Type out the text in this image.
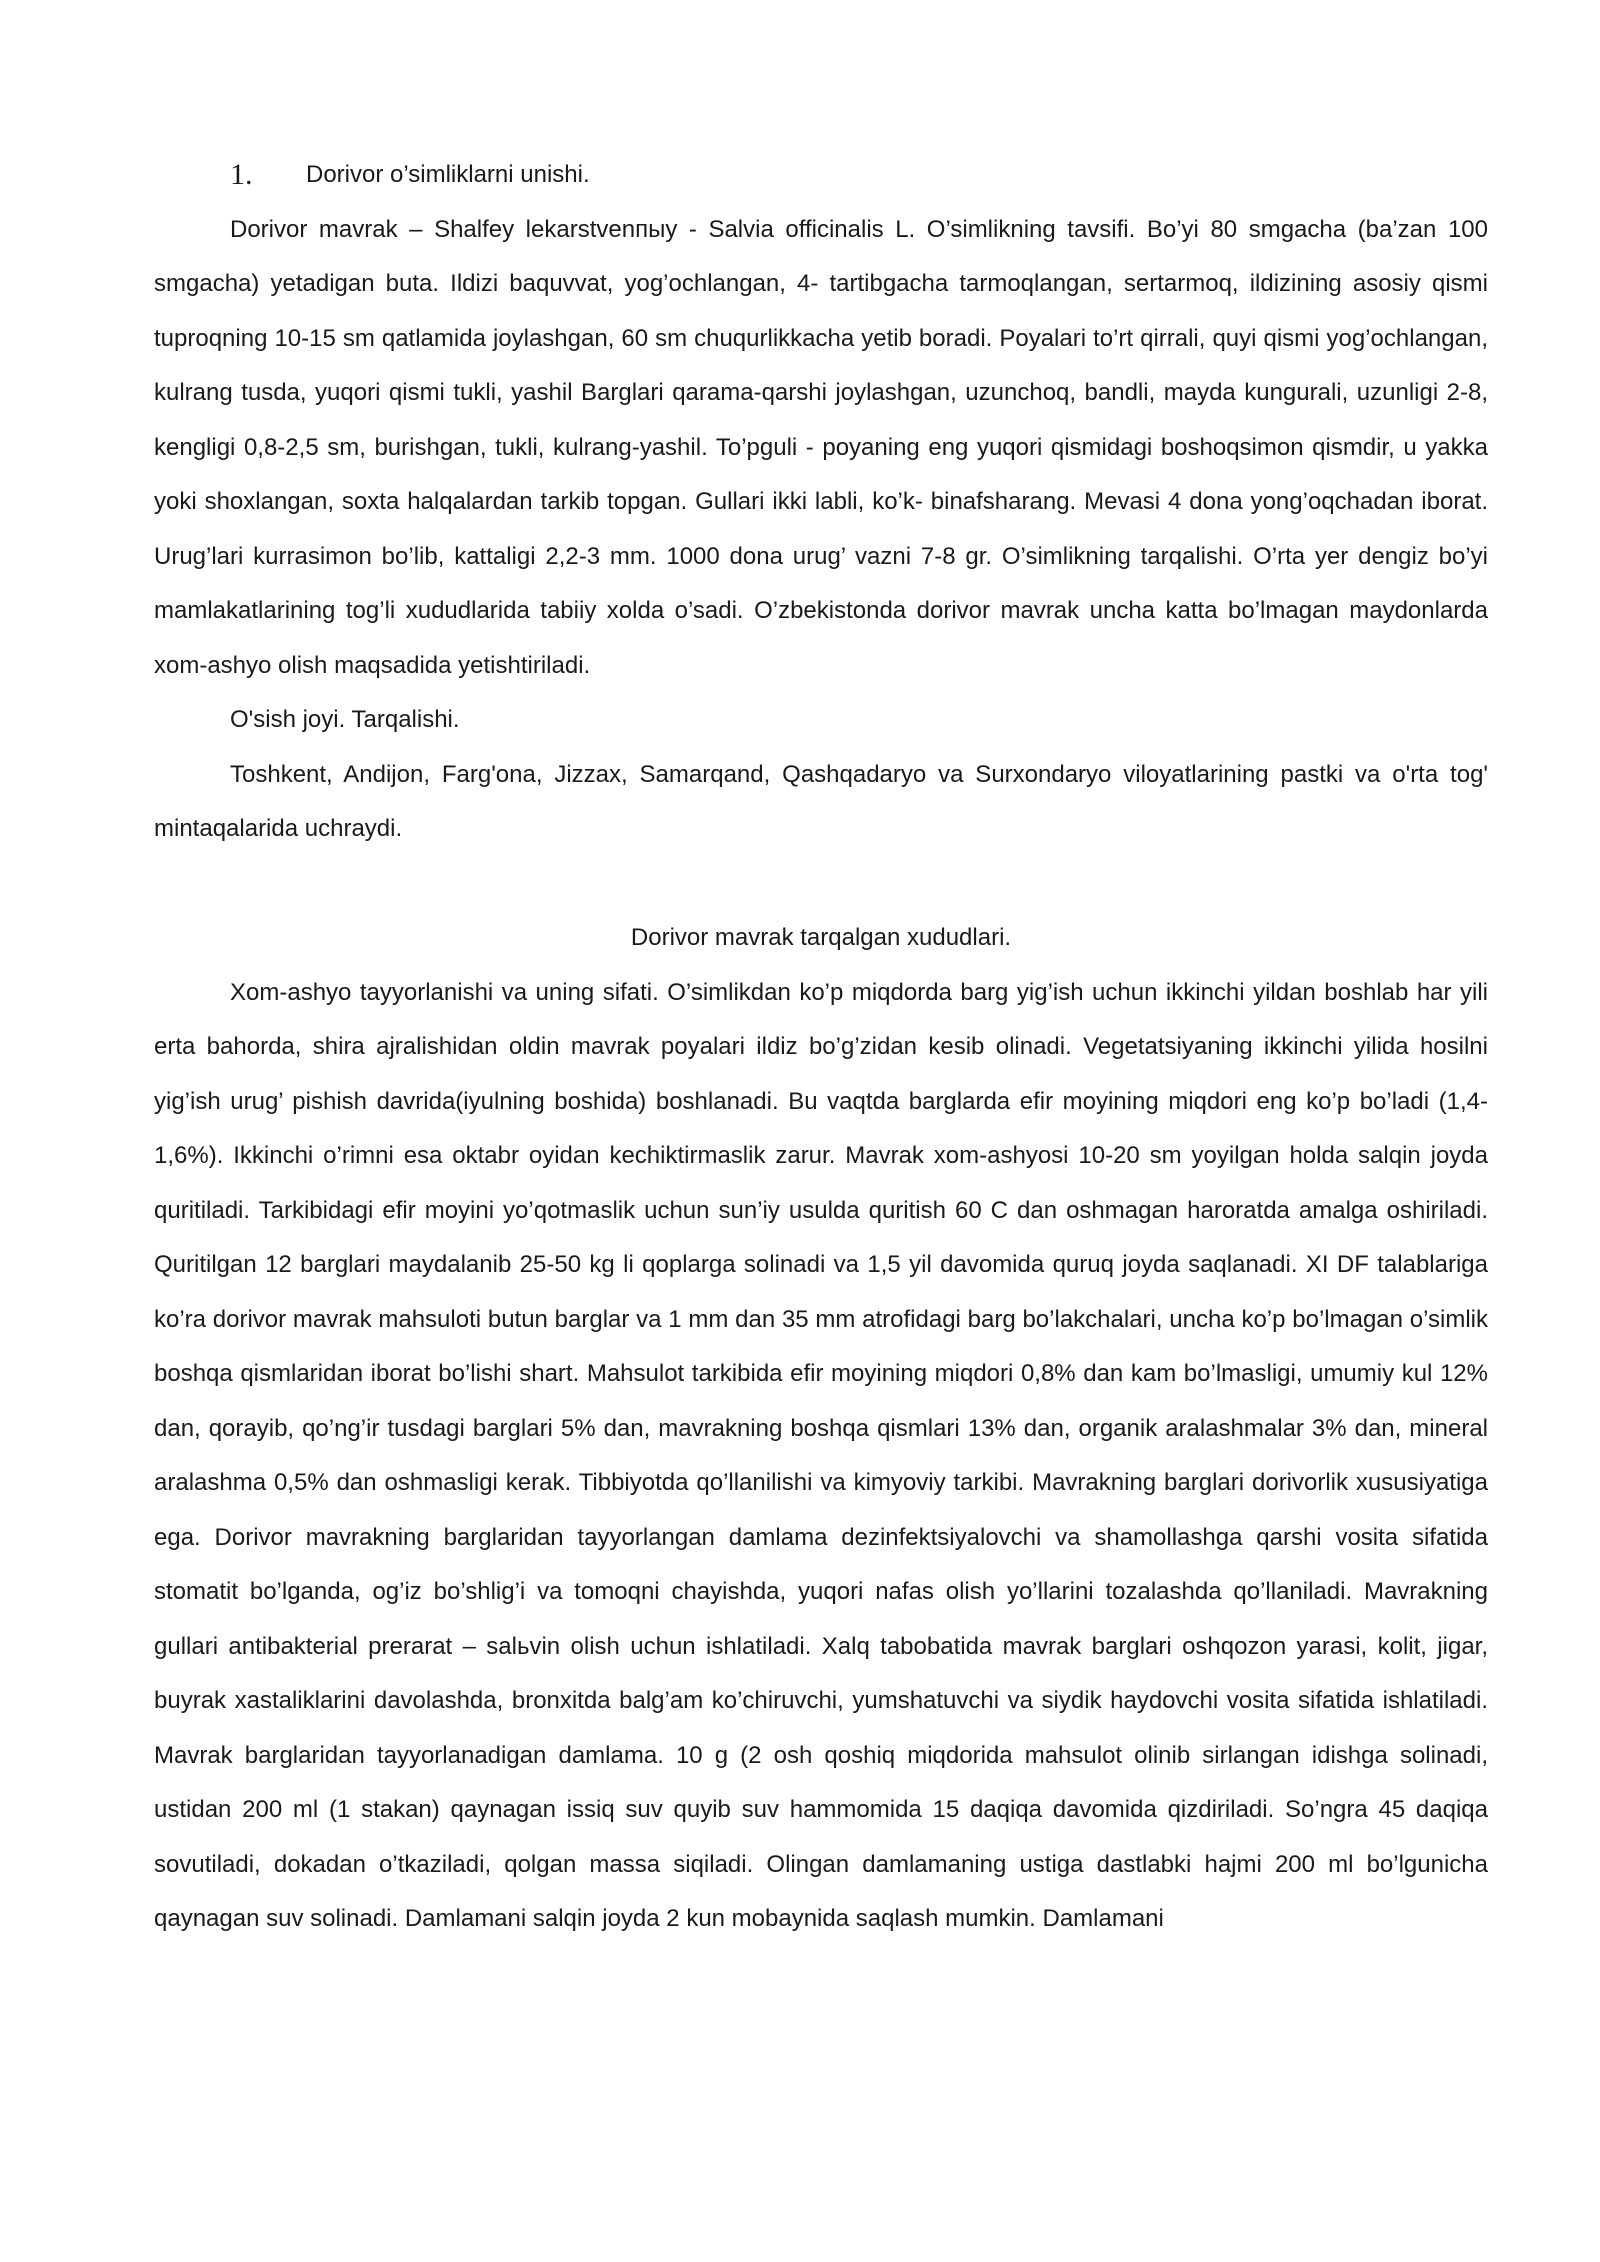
1.	Dorivor o’simliklarni unishi.

Dorivor mavrak – Shalfey lekarstvenпыy - Salvia officinalis L. O’simlikning tavsifi. Bo’yi 80 smgacha (ba’zan 100 smgacha) yetadigan buta. Ildizi baquvvat, yog’ochlangan, 4- tartibgacha tarmoqlangan, sertarmoq, ildizining asosiy qismi tuproqning 10-15 sm qatlamida joylashgan, 60 sm chuqurlikkacha yetib boradi. Poyalari to’rt qirrali, quyi qismi yog’ochlangan, kulrang tusda, yuqori qismi tukli, yashil Barglari qarama-qarshi joylashgan, uzunchoq, bandli, mayda kungurali, uzunligi 2-8, kengligi 0,8-2,5 sm, burishgan, tukli, kulrang-yashil. To’pguli - poyaning eng yuqori qismidagi boshoqsimon qismdir, u yakka yoki shoxlangan, soxta halqalardan tarkib topgan. Gullari ikki labli, ko’k- binafsharang. Mevasi 4 dona yong’oqchadan iborat. Urug’lari kurrasimon bo’lib, kattaligi 2,2-3 mm. 1000 dona urug’ vazni 7-8 gr. O’simlikning tarqalishi. O’rta yer dengiz bo’yi mamlakatlarining tog’li xududlarida tabiiy xolda o’sadi. O’zbekistonda dorivor mavrak uncha katta bo’lmagan maydonlarda xom-ashyo olish maqsadida yetishtiriladi.

O'sish joyi. Tarqalishi.

Toshkent, Andijon, Farg'ona, Jizzax, Samarqand, Qashqadaryo va Surxondaryo viloyatlarining pastki va o'rta tog' mintaqalarida uchraydi.

Dorivor mavrak tarqalgan xududlari.

Xom-ashyo tayyorlanishi va uning sifati. O’simlikdan ko’p miqdorda barg yig’ish uchun ikkinchi yildan boshlab har yili erta bahorda, shira ajralishidan oldin mavrak poyalari ildiz bo’g’zidan kesib olinadi. Vegetatsiyaning ikkinchi yilida hosilni yig’ish urug’ pishish davrida(iyulning boshida) boshlanadi. Bu vaqtda barglarda efir moyining miqdori eng ko’p bo’ladi (1,4-1,6%). Ikkinchi o’rimni esa oktabr oyidan kechiktirmaslik zarur. Mavrak xom-ashyosi 10-20 sm yoyilgan holda salqin joyda quritiladi. Tarkibidagi efir moyini yo’qotmaslik uchun sun’iy usulda quritish 60 C dan oshmagan haroratda amalga oshiriladi. Quritilgan 12 barglari maydalanib 25-50 kg li qoplarga solinadi va 1,5 yil davomida quruq joyda saqlanadi. XI DF talablariga ko’ra dorivor mavrak mahsuloti butun barglar va 1 mm dan 35 mm atrofidagi barg bo’lakchalari, uncha ko’p bo’lmagan o’simlik boshqa qismlaridan iborat bo’lishi shart. Mahsulot tarkibida efir moyining miqdori 0,8% dan kam bo’lmasligi, umumiy kul 12% dan, qorayib, qo’ng’ir tusdagi barglari 5% dan, mavrakning boshqa qismlari 13% dan, organik aralashmalar 3% dan, mineral aralashma 0,5% dan oshmasligi kerak. Tibbiyotda qo’llanilishi va kimyoviy tarkibi. Mavrakning barglari dorivorlik xususiyatiga ega. Dorivor mavrakning barglaridan tayyorlangan damlama dezinfektsiyalovchi va shamollashga qarshi vosita sifatida stomatit bo’lganda, og’iz bo’shlig’i va tomoqni chayishda, yuqori nafas olish yo’llarini tozalashda qo’llaniladi. Mavrakning gullari antibakterial prerarat – salьvin olish uchun ishlatiladi. Xalq tabobatida mavrak barglari oshqozon yarasi, kolit, jigar, buyrak xastaliklarini davolashda, bronxitda balg’am ko’chiruvchi, yumshatuvchi va siydik haydovchi vosita sifatida ishlatiladi. Mavrak barglaridan tayyorlanadigan damlama. 10 g (2 osh qoshiq miqdorida mahsulot olinib sirlangan idishga solinadi, ustidan 200 ml (1 stakan) qaynagan issiq suv quyib suv hammomida 15 daqiqa davomida qizdiriladi. So’ngra 45 daqiqa sovutiladi, dokadan o’tkaziladi, qolgan massa siqiladi. Olingan damlamaning ustiga dastlabki hajmi 200 ml bo’lgunicha qaynagan suv solinadi. Damlamani salqin joyda 2 kun mobaynida saqlash mumkin. Damlamani
